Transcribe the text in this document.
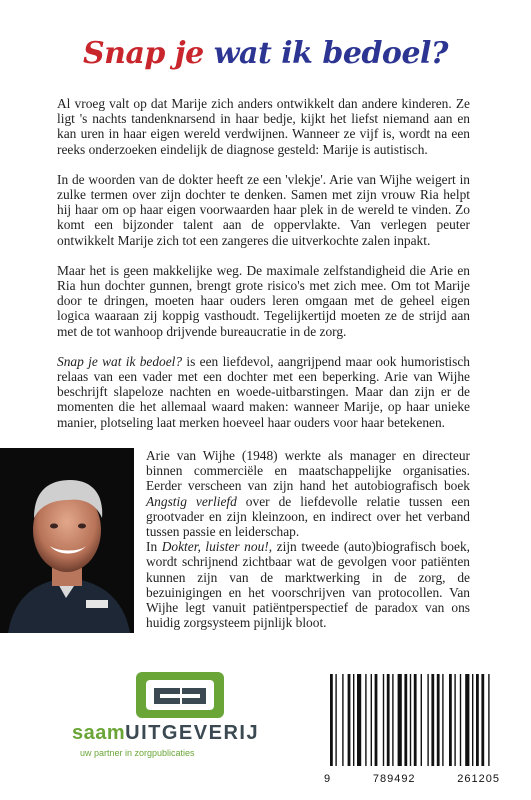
Snap je wat ik bedoel?

Al vroeg valt op dat Marije zich anders ontwikkelt dan andere kinderen. Ze ligt 's nachts tandenknarsend in haar bedje, kijkt het liefst niemand aan en kan uren in haar eigen wereld verdwijnen. Wanneer ze vijf is, wordt na een reeks onderzoeken eindelijk de diagnose gesteld: Marije is autistisch.

In de woorden van de dokter heeft ze een 'vlekje'. Arie van Wijhe weigert in zulke termen over zijn dochter te denken. Samen met zijn vrouw Ria helpt hij haar om op haar eigen voorwaarden haar plek in de wereld te vinden. Zo komt een bijzonder talent aan de oppervlakte. Van verlegen peuter ontwikkelt Marije zich tot een zangeres die uitverkochte zalen inpakt.

Maar het is geen makkelijke weg. De maximale zelfstandigheid die Arie en Ria hun dochter gunnen, brengt grote risico's met zich mee. Om tot Marije door te dringen, moeten haar ouders leren omgaan met de geheel eigen logica waaraan zij koppig vasthoudt. Tegelijkertijd moeten ze de strijd aan met de tot wanhoop drijvende bureaucratie in de zorg.

Snap je wat ik bedoel? is een liefdevol, aangrijpend maar ook humoristisch relaas van een vader met een dochter met een beperking. Arie van Wijhe beschrijft slapeloze nachten en woede-uitbarstingen. Maar dan zijn er de momenten die het allemaal waard maken: wanneer Marije, op haar unieke manier, plotseling laat merken hoeveel haar ouders voor haar betekenen.

Arie van Wijhe (1948) werkte als manager en directeur binnen commerciële en maatschappelijke organisaties. Eerder verscheen van zijn hand het autobiografisch boek Angstig verliefd over de liefdevolle relatie tussen een grootvader en zijn kleinzoon, en indirect over het verband tussen passie en leiderschap.

In Dokter, luister nou!, zijn tweede (auto)biografisch boek, wordt schrijnend zichtbaar wat de gevolgen voor patiënten kunnen zijn van de marktwerking in de zorg, de bezuinigingen en het voorschrijven van protocollen. Van Wijhe legt vanuit patiëntperspectief de paradox van ons huidig zorgsysteem pijnlijk bloot.

saamUITGEVERIJ
uw partner in zorgpublicaties
9	789492	261205
